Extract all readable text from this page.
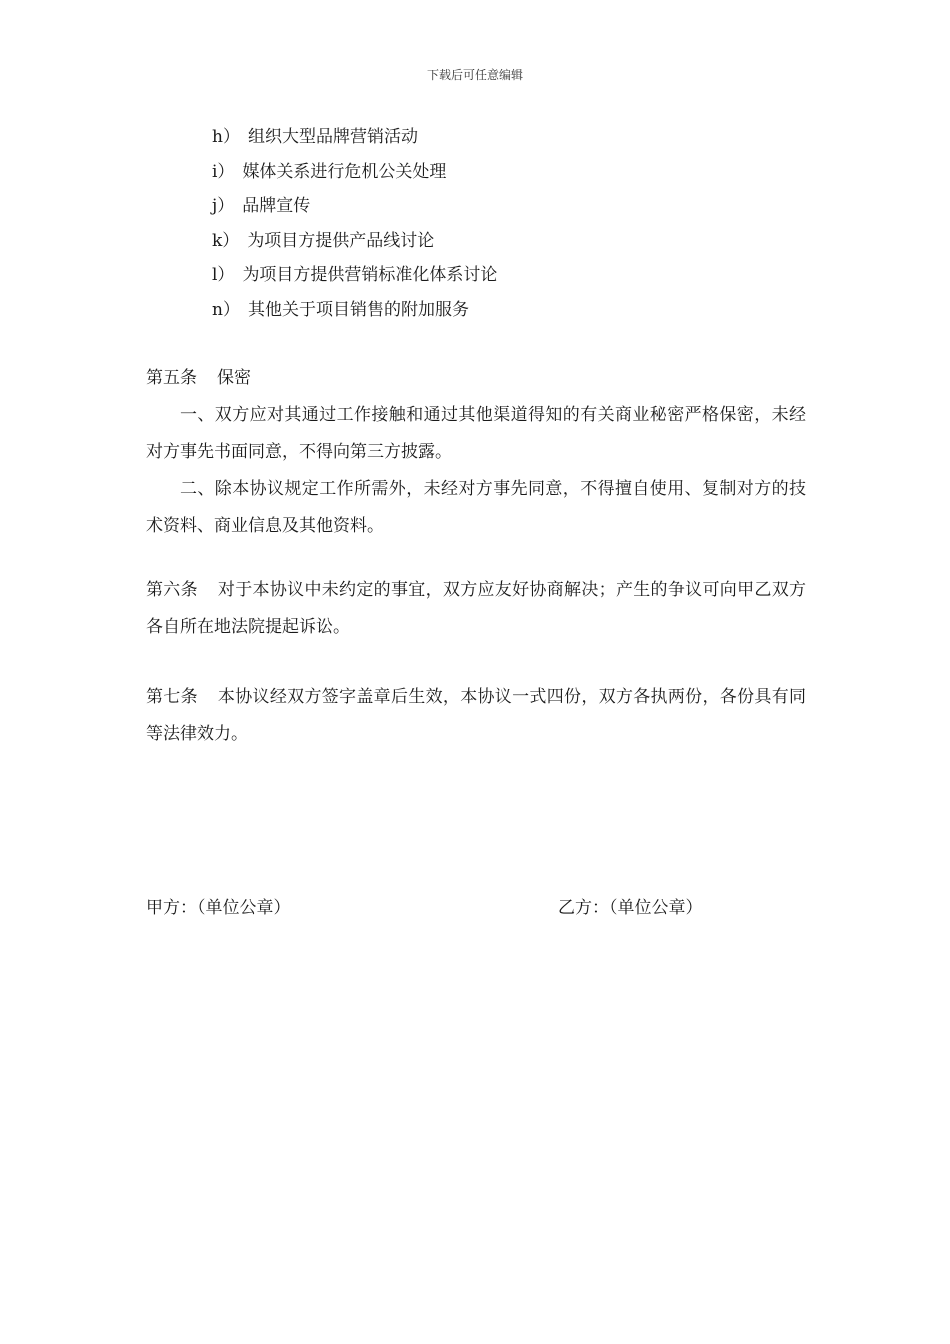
下载后可任意编辑
h） 组织大型品牌营销活动
i） 媒体关系进行危机公关处理
j） 品牌宣传
k） 为项目方提供产品线讨论
l） 为项目方提供营销标准化体系讨论
n） 其他关于项目销售的附加服务

第五条 保密

一、双方应对其通过工作接触和通过其他渠道得知的有关商业秘密严格保密，未经对方事先书面同意，不得向第三方披露。

二、除本协议规定工作所需外，未经对方事先同意，不得擅自使用、复制对方的技术资料、商业信息及其他资料。

第六条 对于本协议中未约定的事宜，双方应友好协商解决；产生的争议可向甲乙双方各自所在地法院提起诉讼。

第七条 本协议经双方签字盖章后生效，本协议一式四份，双方各执两份，各份具有同等法律效力。

甲方：（单位公章）	乙方：（单位公章）
